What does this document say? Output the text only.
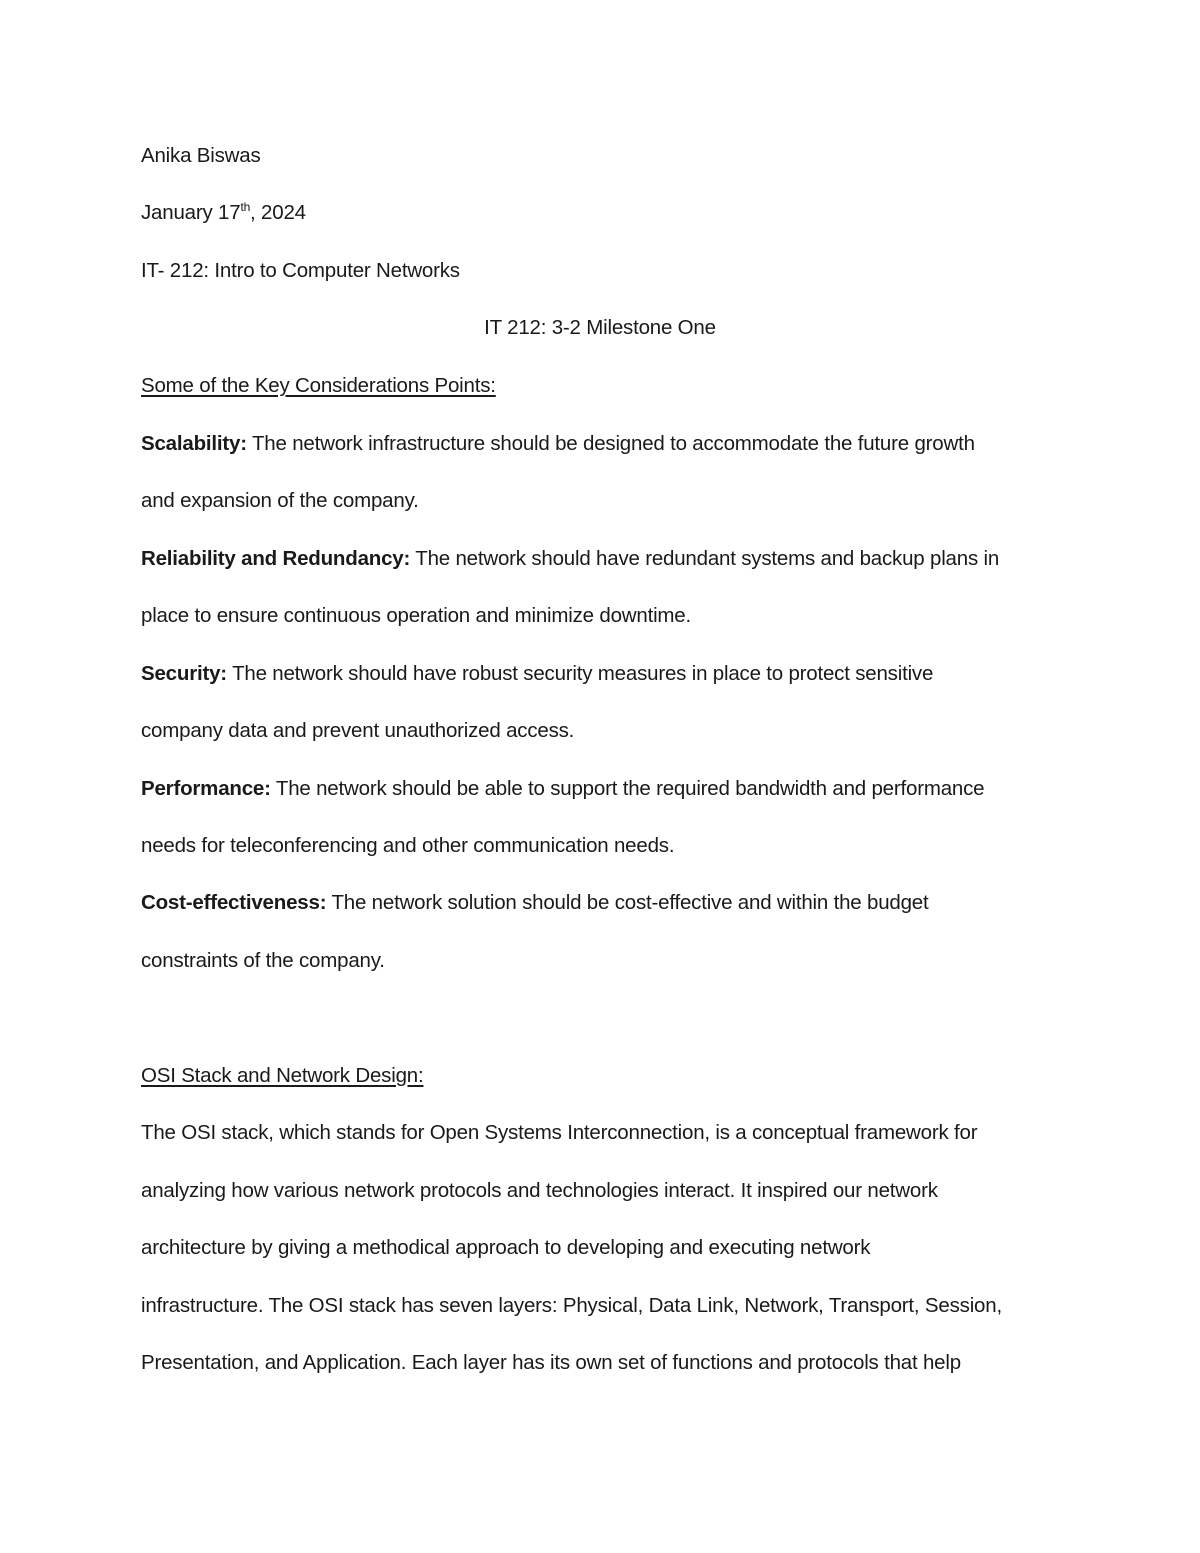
Anika Biswas
January 17th, 2024
IT- 212: Intro to Computer Networks
IT 212: 3-2 Milestone One
Some of the Key Considerations Points:
Scalability: The network infrastructure should be designed to accommodate the future growth
and expansion of the company.
Reliability and Redundancy: The network should have redundant systems and backup plans in
place to ensure continuous operation and minimize downtime.
Security: The network should have robust security measures in place to protect sensitive
company data and prevent unauthorized access.
Performance: The network should be able to support the required bandwidth and performance
needs for teleconferencing and other communication needs.
Cost-effectiveness: The network solution should be cost-effective and within the budget
constraints of the company.
OSI Stack and Network Design:
The OSI stack, which stands for Open Systems Interconnection, is a conceptual framework for
analyzing how various network protocols and technologies interact. It inspired our network
architecture by giving a methodical approach to developing and executing network
infrastructure. The OSI stack has seven layers: Physical, Data Link, Network, Transport, Session,
Presentation, and Application. Each layer has its own set of functions and protocols that help
